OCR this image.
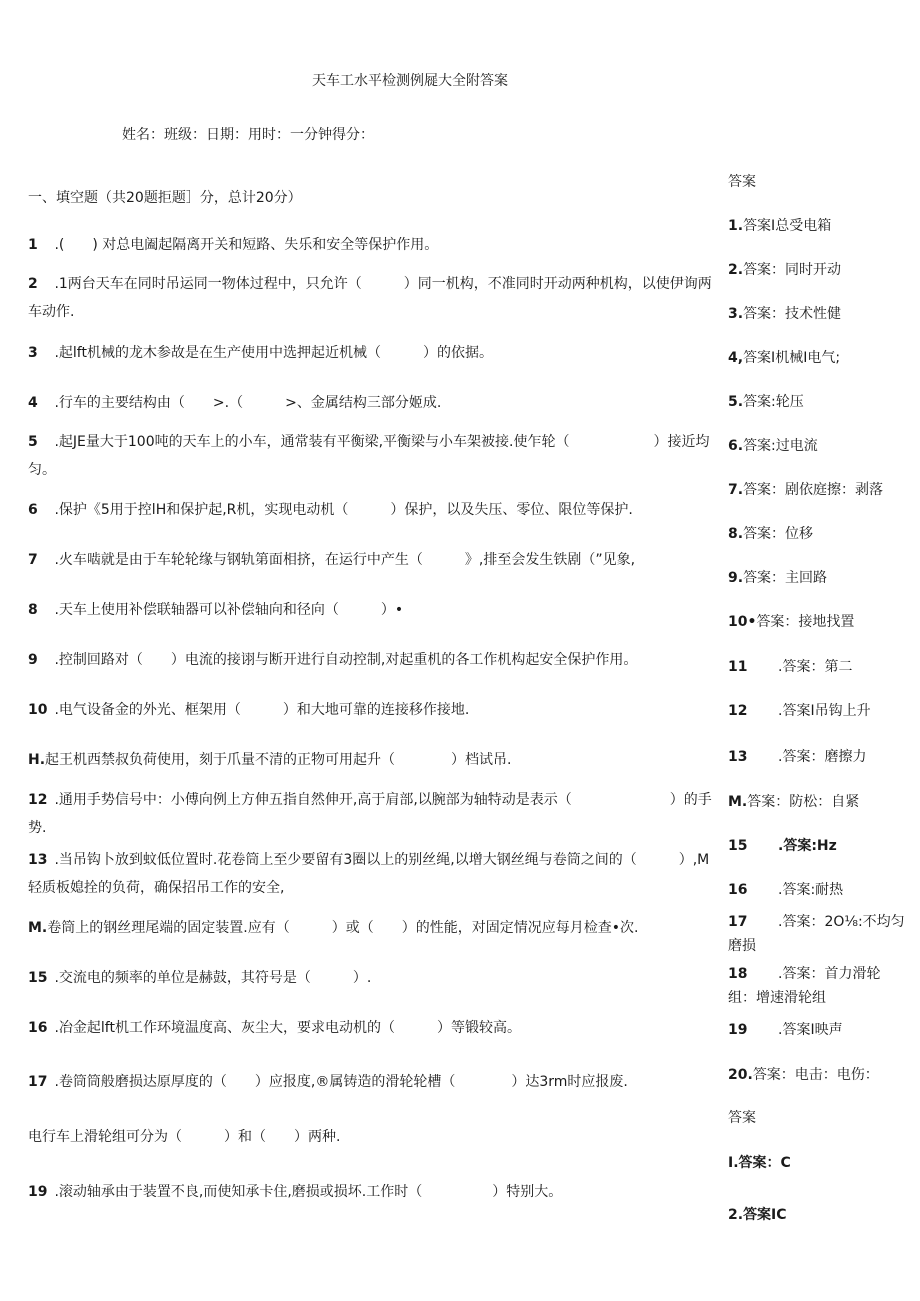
天车工水平检测例屣大全附答案
姓名：班级：日期：用时：一分钟得分：
一、填空题（共20题拒题］分，总计20分）
1 .(　　) 对总电阖起隔离开关和短路、失乐和安全等保护作用。
2 .1两台天车在同时吊运同一物体过程中，只允许（　　　）同一机构，不准同时开动两种机构，以使伊询两车动作.
3 .起lft机械的龙木参故是在生产使用中选押起近机械（　　　）的依据。
4 .行车的主要结构由（　　>.（　　　>、金属结构三部分姬成.
5 .起JE量大于100吨的天车上的小车，通常装有平衡梁,平衡梁与小车架被接.使乍轮（　　　　　　）接近均匀。
6 .保护《5用于控lH和保护起,R机，实现电动机（　　　）保护，以及失压、零位、限位等保护.
7 .火车啮就是由于车轮轮缘与钢轨第面相挤，在运行中产生（　　　》,排至会发生铁剧（”见象,
8 .天车上使用补偿联轴器可以补偿轴向和径向（　　　）•
9 .控制回路对（　　）电流的接诩与断开进行自动控制,对起重机的各工作机构起安全保护作用。
10 .电气设备金的外光、框架用（　　　）和大地可靠的连接移作接地.
H.起王机西禁叔负荷使用，刻于爪量不清的正物可用起升（　　　　）档试吊.
12 .通用手势信号中：小傅向例上方伸五指自然伸开,高于肩部,以腕部为轴特动是表示（　　　　　　　）的手势.
13 .当吊钩卜放到蚊低位置时.花卷筒上至少要留有3圈以上的别丝绳,以增大钢丝绳与卷筒之间的（　　　）,M轻质板媳拴的负荷，确保招吊工作的安全,
M.卷筒上的钢丝理尾端的固定装置.应有（　　　）或（　　）的性能，对固定情况应每月检查•次.
15 .交流电的频率的单位是赫鼓，其符号是（　　　）.
16 .冶金起lft机工作环境温度高、灰尘大，要求电动机的（　　　）等锻较高。
17 .卷筒筒般磨损达原厚度的（　　）应报度,®属铸造的滑轮轮槽（　　　　）达3rm时应报废.
电行车上滑轮组可分为（　　　）和（　　）两种.
19 .滚动轴承由于装置不良,而使知承卡住,磨损或损坏.工作时（　　　　　）特别大。
答案
1.答案I总受电箱
2.答案：同时开动
3.答案：技术性健
4,答案I机械I电气;
5.答案:轮压
6.答案:过电流
7.答案：剧依庭擦：剥落
8.答案：位移
9.答案：主回路
10•答案：接地找置
11 .答案：第二
12 .答案I吊钩上升
13 .答案：磨擦力
M.答案：防松：自紧
15 .答案:Hz
16 .答案:耐热
17 .答案：2O⅛:不均匀磨损
18 .答案：首力滑轮组：增速滑轮组
19 .答案I映声
20.答案：电击：电伤：
答案
I.答案：C
2.答案IC
